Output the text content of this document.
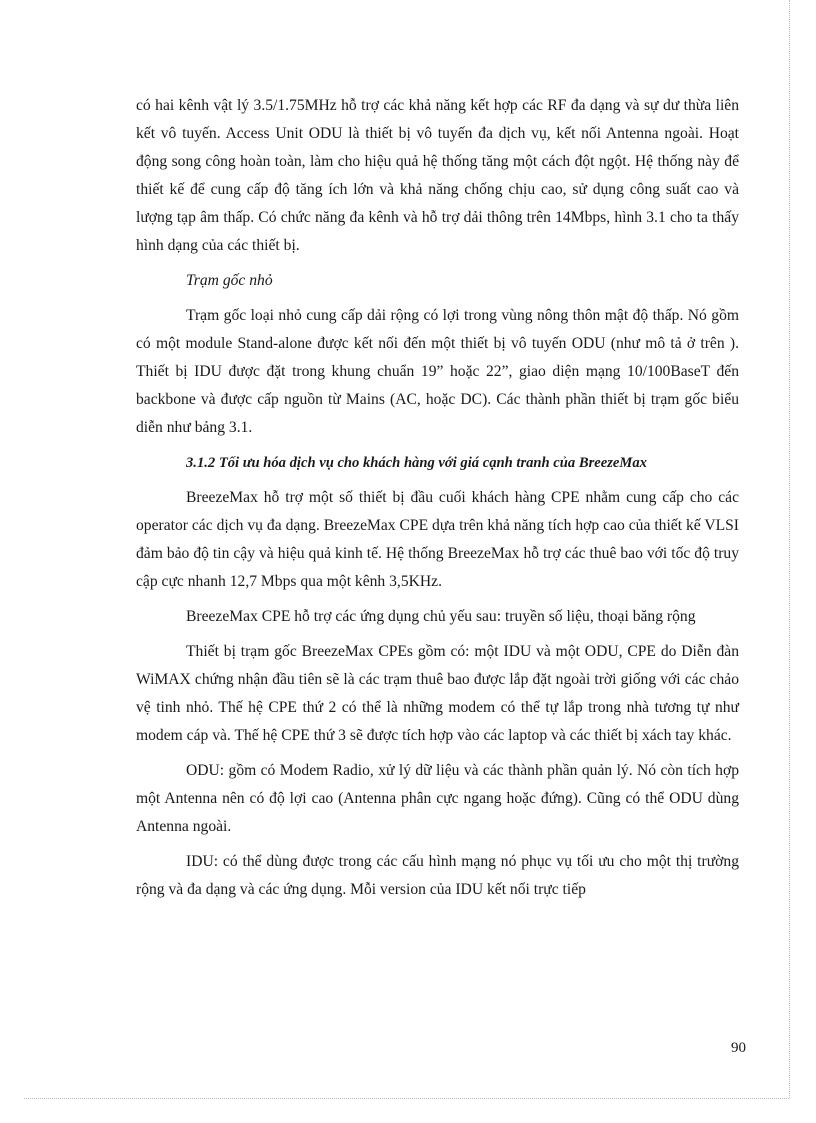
có hai kênh vật lý 3.5/1.75MHz hỗ trợ các khả năng kết hợp các RF đa dạng và sự dư thừa liên kết vô tuyến. Access Unit ODU là thiết bị vô tuyến đa dịch vụ, kết nối Antenna ngoài. Hoạt động song công hoàn toàn, làm cho hiệu quả hệ thống tăng một cách đột ngột. Hệ thống này để thiết kế để cung cấp độ tăng ích lớn và khả năng chống chịu cao, sử dụng công suất cao và lượng tạp âm thấp. Có chức năng đa kênh và hỗ trợ dải thông trên 14Mbps, hình 3.1 cho ta thấy hình dạng của các thiết bị.

Trạm gốc nhỏ

Trạm gốc loại nhỏ cung cấp dải rộng có lợi trong vùng nông thôn mật độ thấp. Nó gồm có một module Stand-alone được kết nối đến một thiết bị vô tuyến ODU (như mô tả ở trên ). Thiết bị IDU được đặt trong khung chuẩn 19” hoặc 22”, giao diện mạng 10/100BaseT đến backbone và được cấp nguồn từ Mains (AC, hoặc DC). Các thành phần thiết bị trạm gốc biểu diễn như bảng 3.1.

3.1.2 Tối ưu hóa dịch vụ cho khách hàng với giá cạnh tranh của BreezeMax

BreezeMax hỗ trợ một số thiết bị đầu cuối khách hàng CPE nhằm cung cấp cho các operator các dịch vụ đa dạng. BreezeMax CPE dựa trên khả năng tích hợp cao của thiết kế VLSI đảm bảo độ tin cậy và hiệu quả kinh tế. Hệ thống BreezeMax hỗ trợ các thuê bao với tốc độ truy cập cực nhanh 12,7 Mbps qua một kênh 3,5KHz.

BreezeMax CPE hỗ trợ các ứng dụng chủ yếu sau: truyền số liệu, thoại băng rộng

Thiết bị trạm gốc BreezeMax CPEs gồm có: một IDU và một ODU, CPE do Diễn đàn WiMAX chứng nhận đầu tiên sẽ là các trạm thuê bao được lắp đặt ngoài trời giống với các chảo vệ tinh nhỏ. Thế hệ CPE thứ 2 có thể là những modem có thể tự lắp trong nhà tương tự như modem cáp và. Thế hệ CPE thứ 3 sẽ được tích hợp vào các laptop và các thiết bị xách tay khác.

ODU: gồm có Modem Radio, xử lý dữ liệu và các thành phần quản lý. Nó còn tích hợp một Antenna nên có độ lợi cao (Antenna phân cực ngang hoặc đứng). Cũng có thể ODU dùng Antenna ngoài.

IDU: có thể dùng được trong các cấu hình mạng nó phục vụ tối ưu cho một thị trường rộng và đa dạng và các ứng dụng. Mỗi version của IDU kết nối trực tiếp

90
